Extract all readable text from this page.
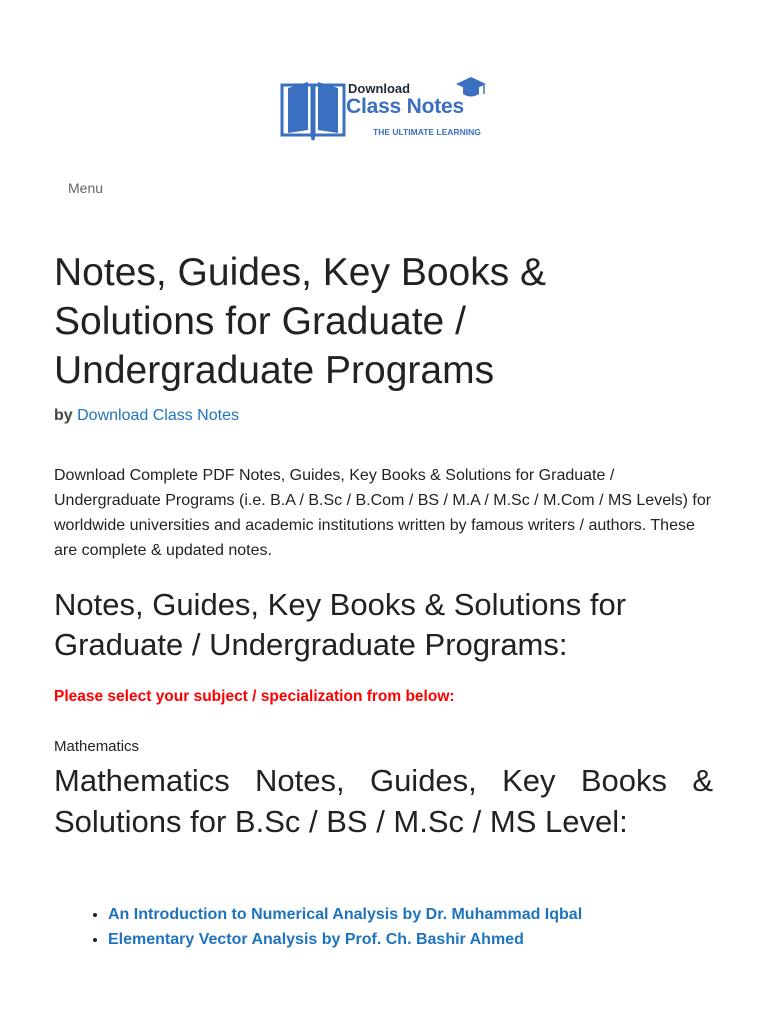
Download
Class Notes
THE ULTIMATE LEARNING
Menu
Notes, Guides, Key Books & Solutions for Graduate / Undergraduate Programs
by Download Class Notes

Download Complete PDF Notes, Guides, Key Books & Solutions for Graduate / Undergraduate Programs (i.e. B.A / B.Sc / B.Com / BS / M.A / M.Sc / M.Com / MS Levels) for worldwide universities and academic institutions written by famous writers / authors. These are complete & updated notes.

Notes, Guides, Key Books & Solutions for Graduate / Undergraduate Programs:
Please select your subject / specialization from below:
Mathematics
Mathematics Notes, Guides, Key Books & Solutions for B.Sc / BS / M.Sc / MS Level:
• An Introduction to Numerical Analysis by Dr. Muhammad Iqbal
• Elementary Vector Analysis by Prof. Ch. Bashir Ahmed
